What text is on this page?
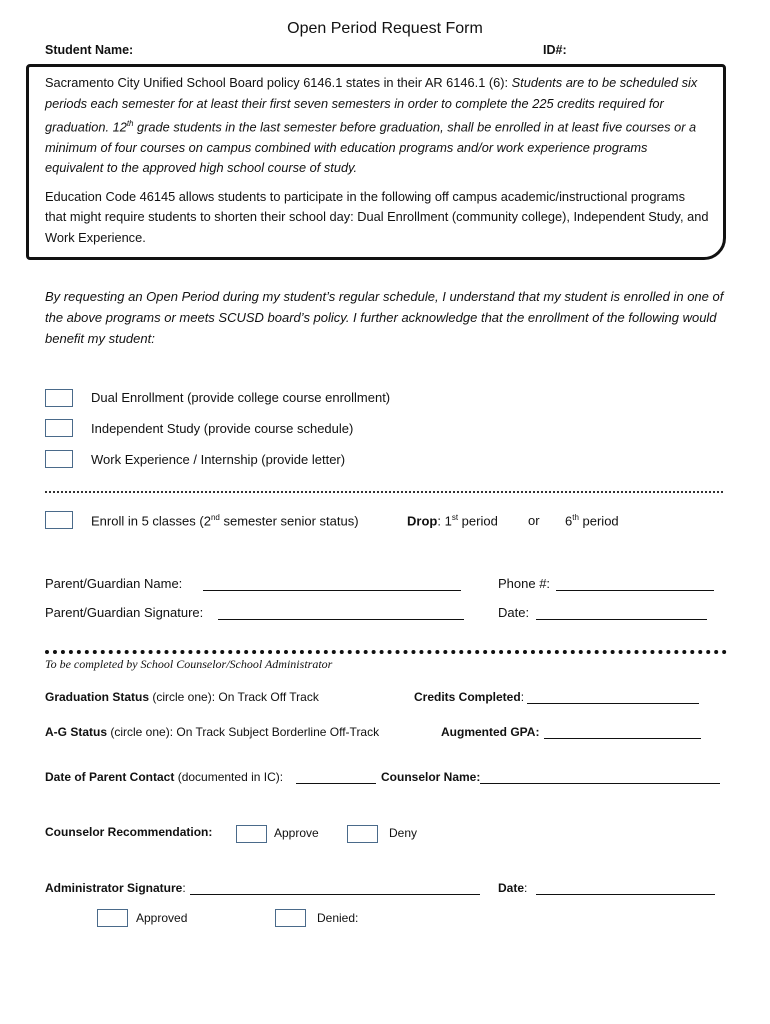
Open Period Request Form
Student Name:	ID#:

Sacramento City Unified School Board policy 6146.1 states in their AR 6146.1 (6): Students are to be scheduled six periods each semester for at least their first seven semesters in order to complete the 225 credits required for graduation. 12th grade students in the last semester before graduation, shall be enrolled in at least five courses or a minimum of four courses on campus combined with education programs and/or work experience programs equivalent to the approved high school course of study.

Education Code 46145 allows students to participate in the following off campus academic/instructional programs that might require students to shorten their school day: Dual Enrollment (community college), Independent Study, and Work Experience.

By requesting an Open Period during my student’s regular schedule, I understand that my student is enrolled in one of the above programs or meets SCUSD board’s policy. I further acknowledge that the enrollment of the following would benefit my student:
Dual Enrollment (provide college course enrollment)
Independent Study (provide course schedule)
Work Experience / Internship (provide letter)
Enroll in 5 classes (2nd semester senior status)	Drop: 1st period or 6th period
Parent/Guardian Name:	Phone #:
Parent/Guardian Signature:	Date:
To be completed by School Counselor/School Administrator
Graduation Status (circle one): On Track Off Track	Credits Completed:
A-G Status (circle one): On Track Subject Borderline Off-Track	Augmented GPA:
Date of Parent Contact (documented in IC):	Counselor Name:
Counselor Recommendation:	Approve	Deny
Administrator Signature:	Date:
Approved	Denied:
